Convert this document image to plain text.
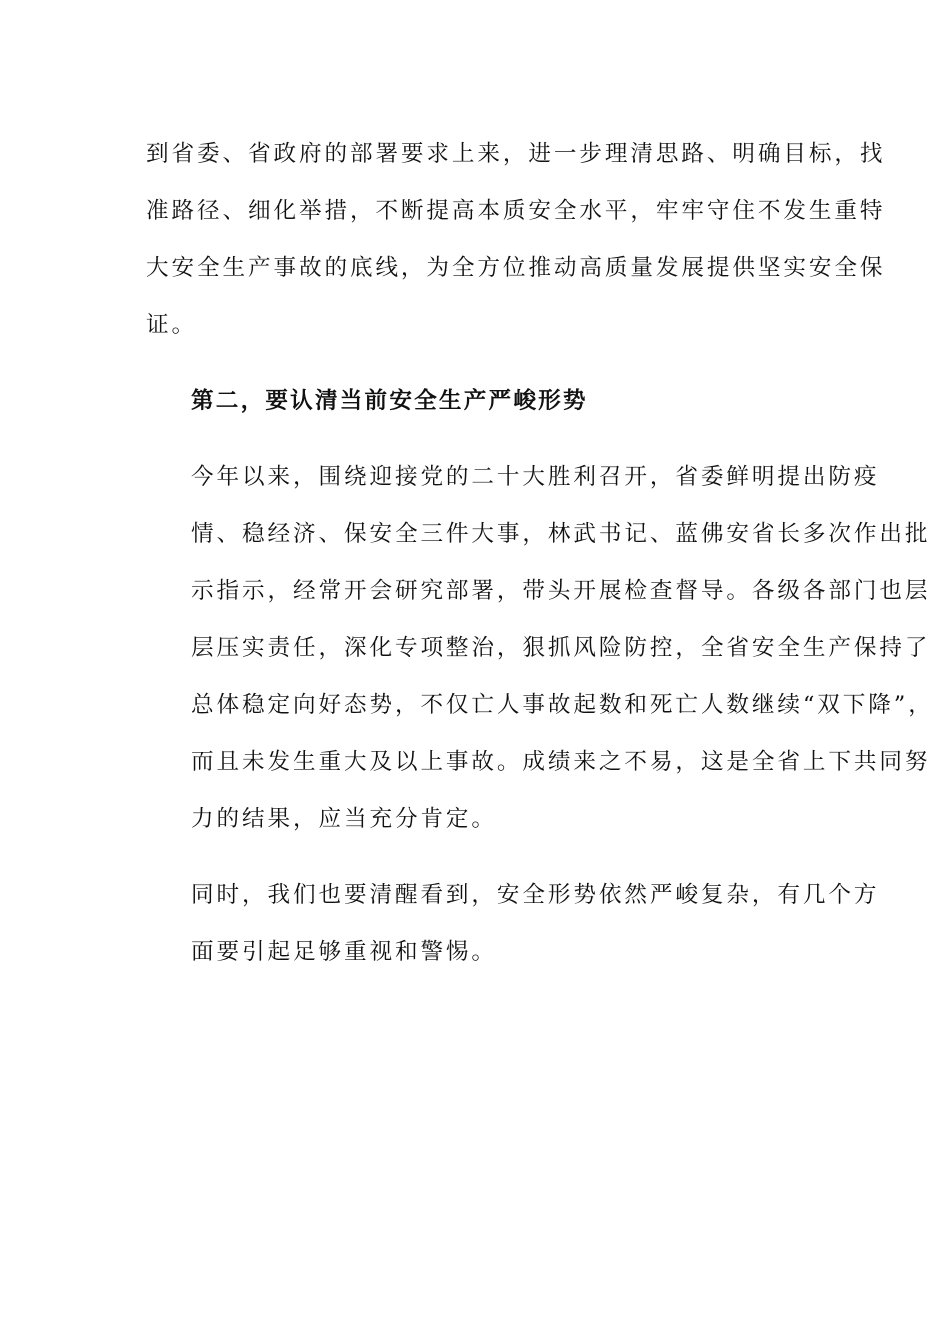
到省委、省政府的部署要求上来，进一步理清思路、明确目标，找
准路径、细化举措，不断提高本质安全水平，牢牢守住不发生重特
大安全生产事故的底线，为全方位推动高质量发展提供坚实安全保
证。

第二，要认清当前安全生产严峻形势

今年以来，围绕迎接党的二十大胜利召开，省委鲜明提出防疫
情、稳经济、保安全三件大事，林武书记、蓝佛安省长多次作出批
示指示，经常开会研究部署，带头开展检查督导。各级各部门也层
层压实责任，深化专项整治，狠抓风险防控，全省安全生产保持了
总体稳定向好态势，不仅亡人事故起数和死亡人数继续“双下降”，
而且未发生重大及以上事故。成绩来之不易，这是全省上下共同努
力的结果，应当充分肯定。

同时，我们也要清醒看到，安全形势依然严峻复杂，有几个方
面要引起足够重视和警惕。
